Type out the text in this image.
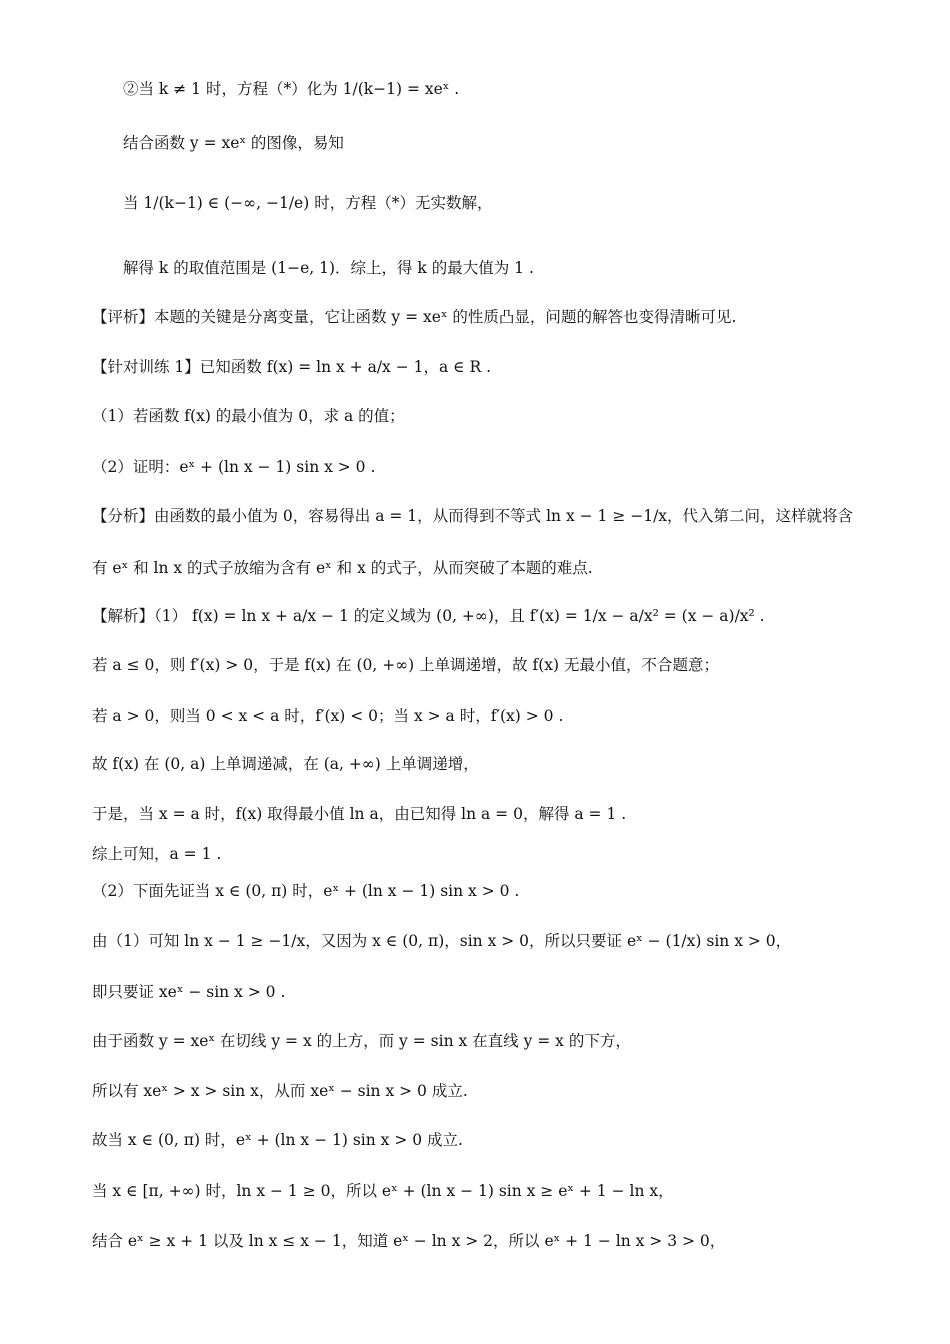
②当 k ≠ 1 时，方程（*）化为 1/(k−1) = xeˣ .
结合函数 y = xeˣ 的图像，易知
当 1/(k−1) ∈ (−∞, −1/e) 时，方程（*）无实数解，
解得 k 的取值范围是 (1−e, 1)．综上，得 k 的最大值为 1 .
【评析】本题的关键是分离变量，它让函数 y = xeˣ 的性质凸显，问题的解答也变得清晰可见.
【针对训练 1】已知函数 f(x) = ln x + a/x − 1，a ∈ R .
（1）若函数 f(x) 的最小值为 0，求 a 的值；
（2）证明：eˣ + (ln x − 1) sin x > 0 .
【分析】由函数的最小值为 0，容易得出 a = 1，从而得到不等式 ln x − 1 ≥ −1/x，代入第二问，这样就将含
有 eˣ 和 ln x 的式子放缩为含有 eˣ 和 x 的式子，从而突破了本题的难点.
【解析】（1） f(x) = ln x + a/x − 1 的定义域为 (0, +∞)，且 f′(x) = 1/x − a/x² = (x − a)/x² .
若 a ≤ 0，则 f′(x) > 0，于是 f(x) 在 (0, +∞) 上单调递增，故 f(x) 无最小值，不合题意；
若 a > 0，则当 0 < x < a 时，f′(x) < 0；当 x > a 时，f′(x) > 0 .
故 f(x) 在 (0, a) 上单调递减，在 (a, +∞) 上单调递增，
于是，当 x = a 时，f(x) 取得最小值 ln a，由已知得 ln a = 0，解得 a = 1 .
综上可知，a = 1 .
（2）下面先证当 x ∈ (0, π) 时，eˣ + (ln x − 1) sin x > 0 .
由（1）可知 ln x − 1 ≥ −1/x，又因为 x ∈ (0, π)，sin x > 0，所以只要证 eˣ − (1/x) sin x > 0，
即只要证 xeˣ − sin x > 0 .
由于函数 y = xeˣ 在切线 y = x 的上方，而 y = sin x 在直线 y = x 的下方，
所以有 xeˣ > x > sin x，从而 xeˣ − sin x > 0 成立.
故当 x ∈ (0, π) 时，eˣ + (ln x − 1) sin x > 0 成立.
当 x ∈ [π, +∞) 时，ln x − 1 ≥ 0，所以 eˣ + (ln x − 1) sin x ≥ eˣ + 1 − ln x，
结合 eˣ ≥ x + 1 以及 ln x ≤ x − 1，知道 eˣ − ln x > 2，所以 eˣ + 1 − ln x > 3 > 0，
